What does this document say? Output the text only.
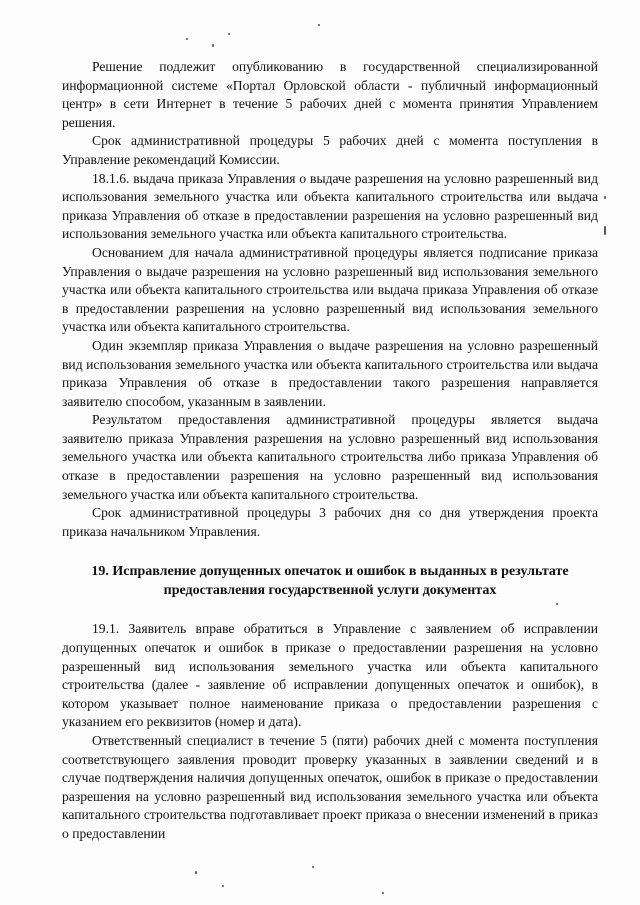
Решение подлежит опубликованию в государственной специализированной информационной системе «Портал Орловской области - публичный информационный центр» в сети Интернет в течение 5 рабочих дней с момента принятия Управлением решения.

Срок административной процедуры 5 рабочих дней с момента поступления в Управление рекомендаций Комиссии.

18.1.6. выдача приказа Управления о выдаче разрешения на условно разрешенный вид использования земельного участка или объекта капитального строительства или выдача приказа Управления об отказе в предоставлении разрешения на условно разрешенный вид использования земельного участка или объекта капитального строительства.

Основанием для начала административной процедуры является подписание приказа Управления о выдаче разрешения на условно разрешенный вид использования земельного участка или объекта капитального строительства или выдача приказа Управления об отказе в предоставлении разрешения на условно разрешенный вид использования земельного участка или объекта капитального строительства.

Один экземпляр приказа Управления о выдаче разрешения на условно разрешенный вид использования земельного участка или объекта капитального строительства или выдача приказа Управления об отказе в предоставлении такого разрешения направляется заявителю способом, указанным в заявлении.

Результатом предоставления административной процедуры является выдача заявителю приказа Управления разрешения на условно разрешенный вид использования земельного участка или объекта капитального строительства либо приказа Управления об отказе в предоставлении разрешения на условно разрешенный вид использования земельного участка или объекта капитального строительства.

Срок административной процедуры 3 рабочих дня со дня утверждения проекта приказа начальником Управления.

19. Исправление допущенных опечаток и ошибок в выданных в результате предоставления государственной услуги документах

19.1. Заявитель вправе обратиться в Управление с заявлением об исправлении допущенных опечаток и ошибок в приказе о предоставлении разрешения на условно разрешенный вид использования земельного участка или объекта капитального строительства (далее - заявление об исправлении допущенных опечаток и ошибок), в котором указывает полное наименование приказа о предоставлении разрешения с указанием его реквизитов (номер и дата).

Ответственный специалист в течение 5 (пяти) рабочих дней с момента поступления соответствующего заявления проводит проверку указанных в заявлении сведений и в случае подтверждения наличия допущенных опечаток, ошибок в приказе о предоставлении разрешения на условно разрешенный вид использования земельного участка или объекта капитального строительства подготавливает проект приказа о внесении изменений в приказ о предоставлении
